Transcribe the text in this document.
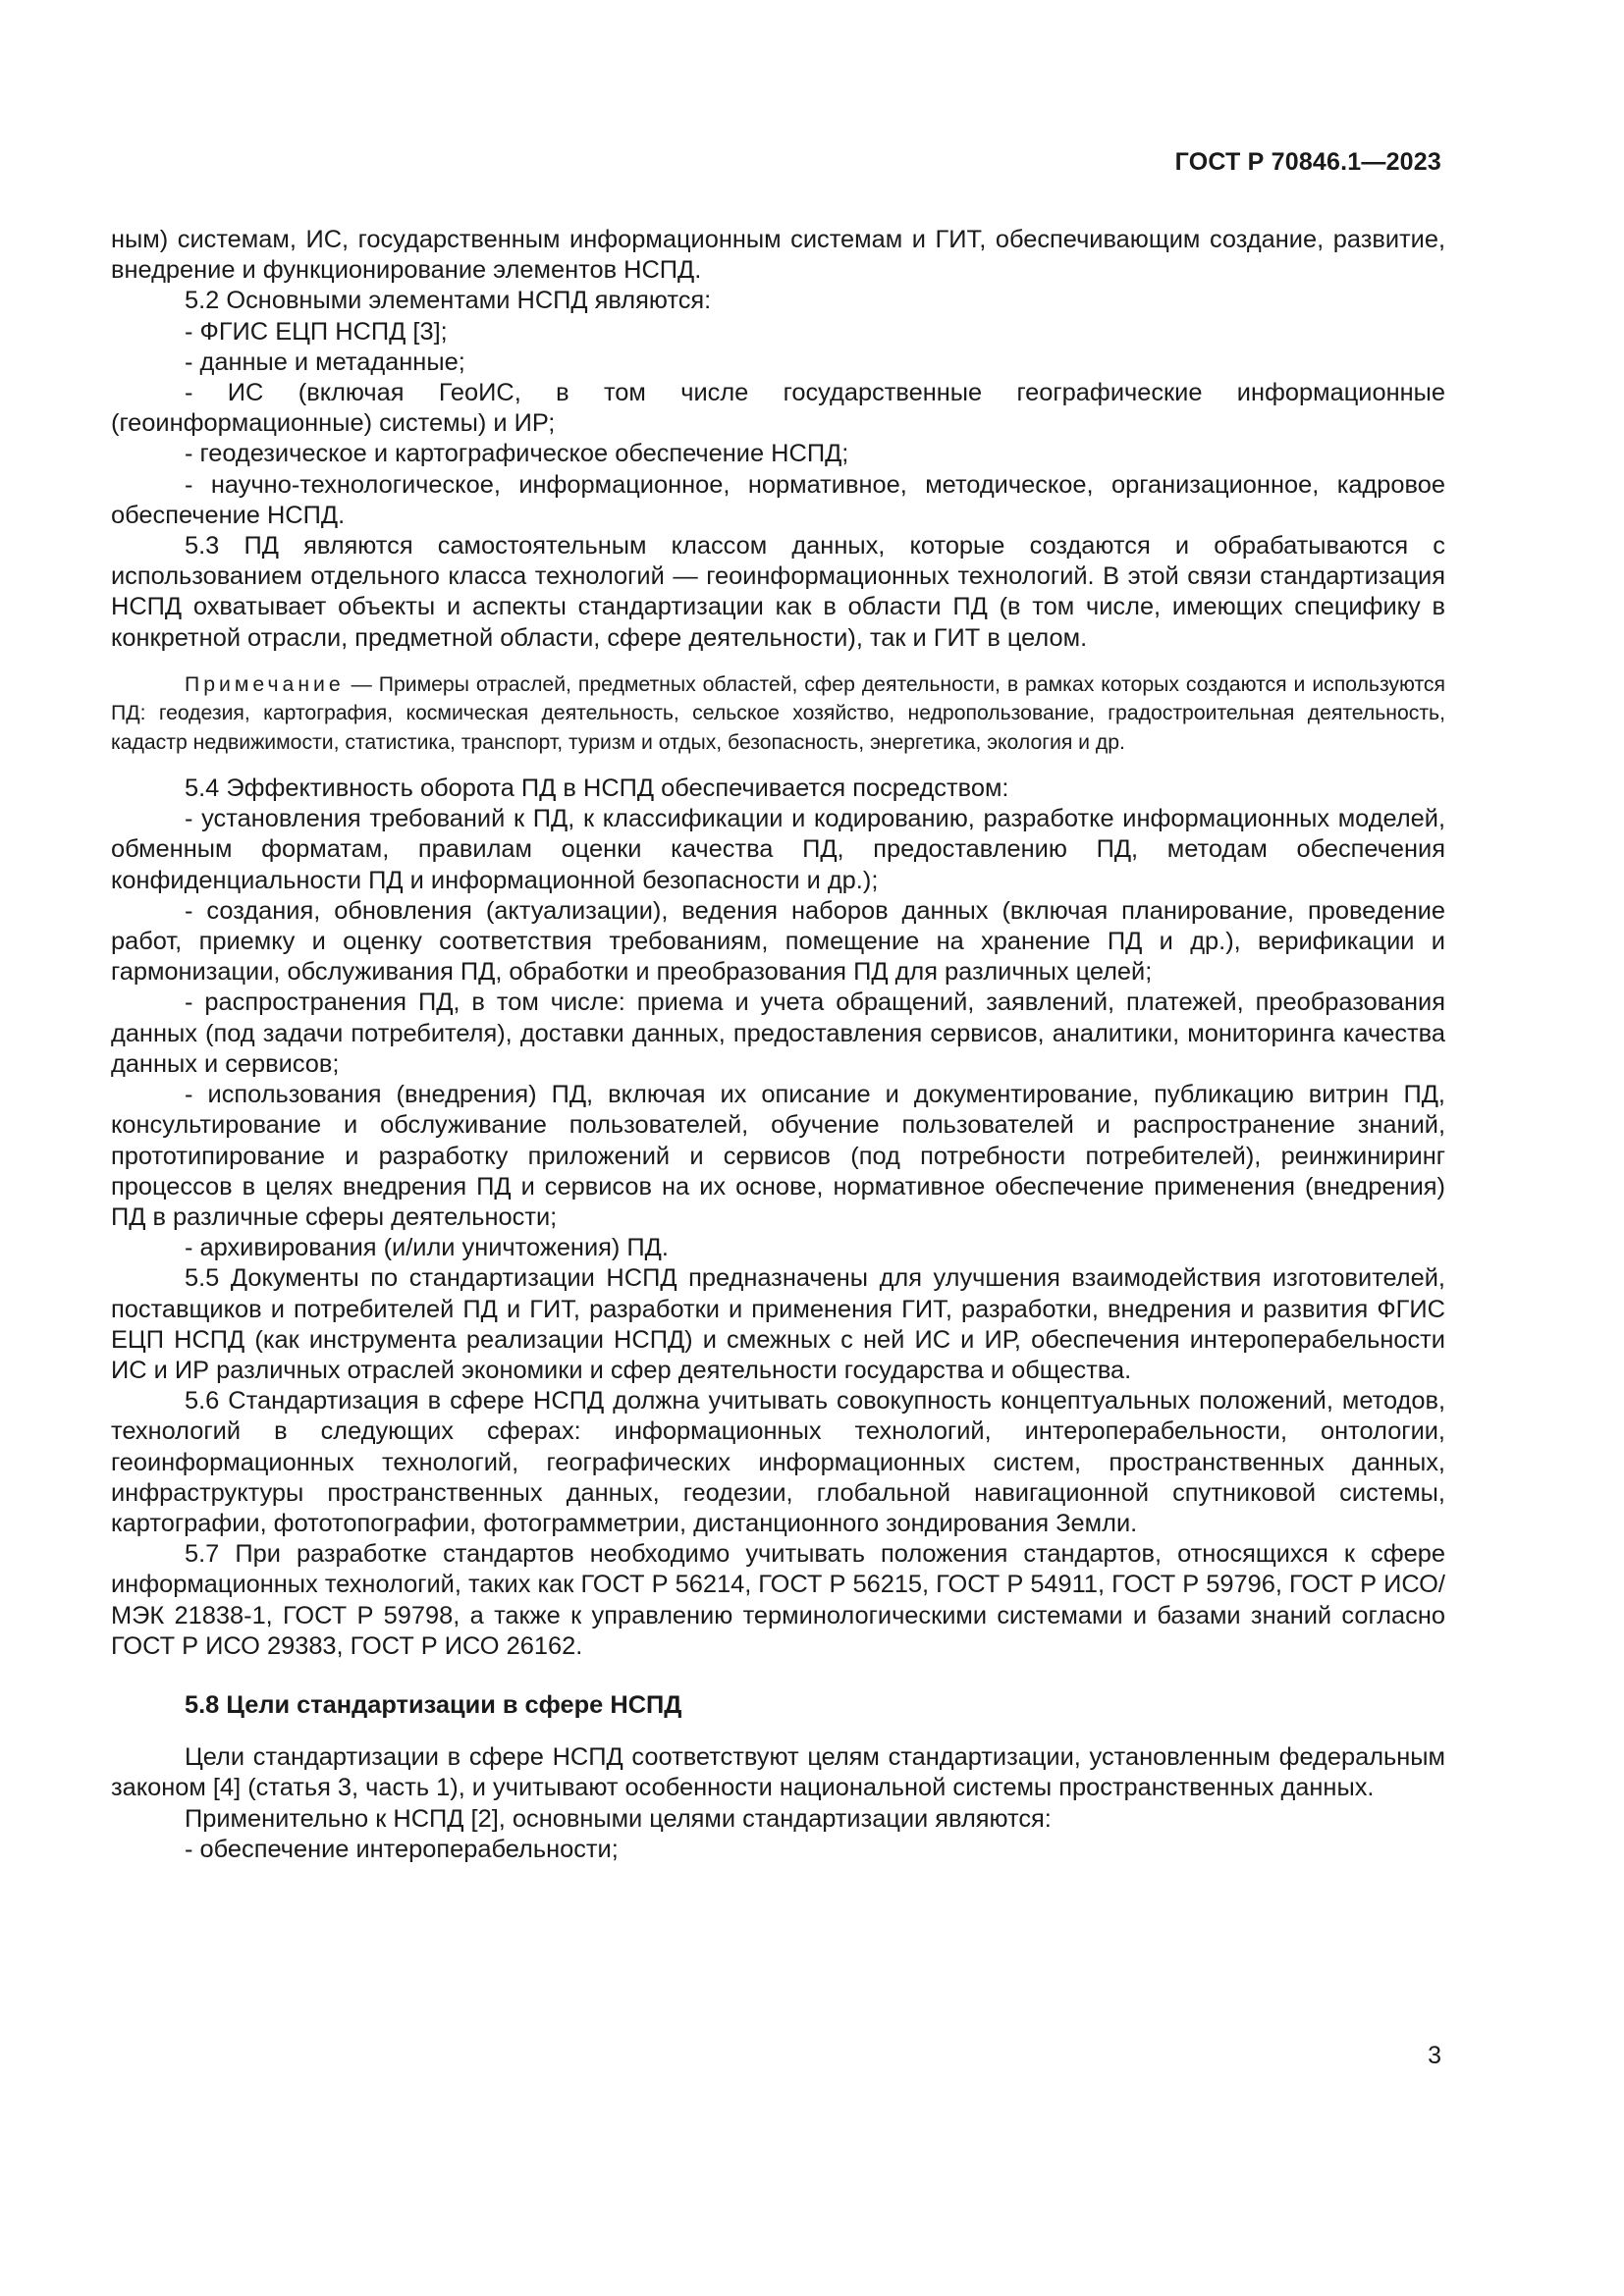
ГОСТ Р 70846.1—2023

ным) системам, ИС, государственным информационным системам и ГИТ, обеспечивающим создание, развитие, внедрение и функционирование элементов НСПД.

5.2 Основными элементами НСПД являются:

- ФГИС ЕЦП НСПД [3];

- данные и метаданные;

- ИС (включая ГеоИС, в том числе государственные географические информационные (геоинформационные) системы) и ИР;

- геодезическое и картографическое обеспечение НСПД;

- научно-технологическое, информационное, нормативное, методическое, организационное, кадровое обеспечение НСПД.

5.3 ПД являются самостоятельным классом данных, которые создаются и обрабатываются с использованием отдельного класса технологий — геоинформационных технологий. В этой связи стандартизация НСПД охватывает объекты и аспекты стандартизации как в области ПД (в том числе, имеющих специфику в конкретной отрасли, предметной области, сфере деятельности), так и ГИТ в целом.

Примечание — Примеры отраслей, предметных областей, сфер деятельности, в рамках которых создаются и используются ПД: геодезия, картография, космическая деятельность, сельское хозяйство, недропользование, градостроительная деятельность, кадастр недвижимости, статистика, транспорт, туризм и отдых, безопасность, энергетика, экология и др.

5.4 Эффективность оборота ПД в НСПД обеспечивается посредством:

- установления требований к ПД, к классификации и кодированию, разработке информационных моделей, обменным форматам, правилам оценки качества ПД, предоставлению ПД, методам обеспечения конфиденциальности ПД и информационной безопасности и др.);

- создания, обновления (актуализации), ведения наборов данных (включая планирование, проведение работ, приемку и оценку соответствия требованиям, помещение на хранение ПД и др.), верификации и гармонизации, обслуживания ПД, обработки и преобразования ПД для различных целей;

- распространения ПД, в том числе: приема и учета обращений, заявлений, платежей, преобразования данных (под задачи потребителя), доставки данных, предоставления сервисов, аналитики, мониторинга качества данных и сервисов;

- использования (внедрения) ПД, включая их описание и документирование, публикацию витрин ПД, консультирование и обслуживание пользователей, обучение пользователей и распространение знаний, прототипирование и разработку приложений и сервисов (под потребности потребителей), реинжиниринг процессов в целях внедрения ПД и сервисов на их основе, нормативное обеспечение применения (внедрения) ПД в различные сферы деятельности;

- архивирования (и/или уничтожения) ПД.

5.5 Документы по стандартизации НСПД предназначены для улучшения взаимодействия изготовителей, поставщиков и потребителей ПД и ГИТ, разработки и применения ГИТ, разработки, внедрения и развития ФГИС ЕЦП НСПД (как инструмента реализации НСПД) и смежных с ней ИС и ИР, обеспечения интероперабельности ИС и ИР различных отраслей экономики и сфер деятельности государства и общества.

5.6 Стандартизация в сфере НСПД должна учитывать совокупность концептуальных положений, методов, технологий в следующих сферах: информационных технологий, интероперабельности, онтологии, геоинформационных технологий, географических информационных систем, пространственных данных, инфраструктуры пространственных данных, геодезии, глобальной навигационной спутниковой системы, картографии, фототопографии, фотограмметрии, дистанционного зондирования Земли.

5.7 При разработке стандартов необходимо учитывать положения стандартов, относящихся к сфере информационных технологий, таких как ГОСТ Р 56214, ГОСТ Р 56215, ГОСТ Р 54911, ГОСТ Р 59796, ГОСТ Р ИСО/МЭК 21838-1, ГОСТ Р 59798, а также к управлению терминологическими системами и базами знаний согласно ГОСТ Р ИСО 29383, ГОСТ Р ИСО 26162.

5.8 Цели стандартизации в сфере НСПД

Цели стандартизации в сфере НСПД соответствуют целям стандартизации, установленным федеральным законом [4] (статья 3, часть 1), и учитывают особенности национальной системы пространственных данных.

Применительно к НСПД [2], основными целями стандартизации являются:

- обеспечение интероперабельности;

3
